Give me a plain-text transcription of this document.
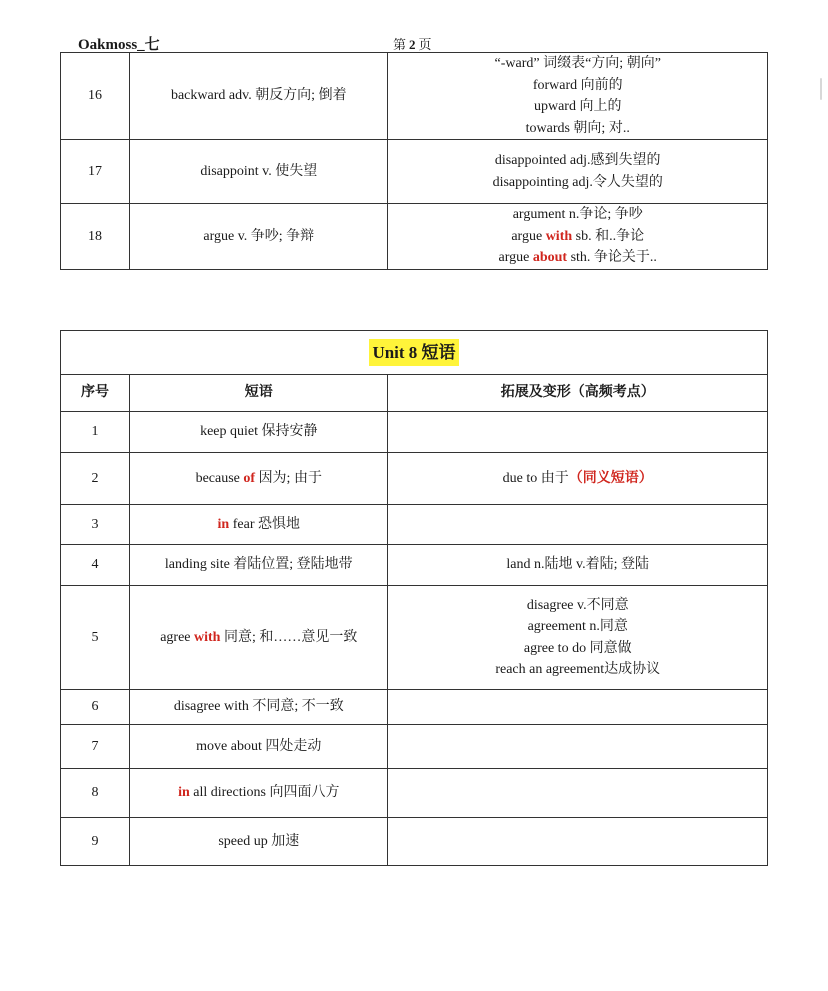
Oakmoss_七	第 2 页
16	backward adv. 朝反方向; 倒着	“-ward” 词缀表“方向; 朝向”
forward 向前的
upward 向上的
towards 朝向; 对..

17	disappoint v. 使失望	disappointed adj.感到失望的
disappointing adj.令人失望的

18	argue v. 争吵; 争辩	argument n.争论; 争吵
argue with sb. 和..争论
argue about sth. 争论关于..
Unit 8 短语		
序号	短语	拓展及变形（高频考点）
1	keep quiet 保持安静	
2	because of 因为; 由于	due to 由于（同义短语）
3	in fear 恐惧地	
4	landing site 着陆位置; 登陆地带	land n.陆地 v.着陆; 登陆
5	agree with 同意; 和……意见一致	disagree v.不同意
agreement n.同意
agree to do 同意做
reach an agreement达成协议

6	disagree with 不同意; 不一致	
7	move about 四处走动	
8	in all directions 向四面八方	
9	speed up 加速	
